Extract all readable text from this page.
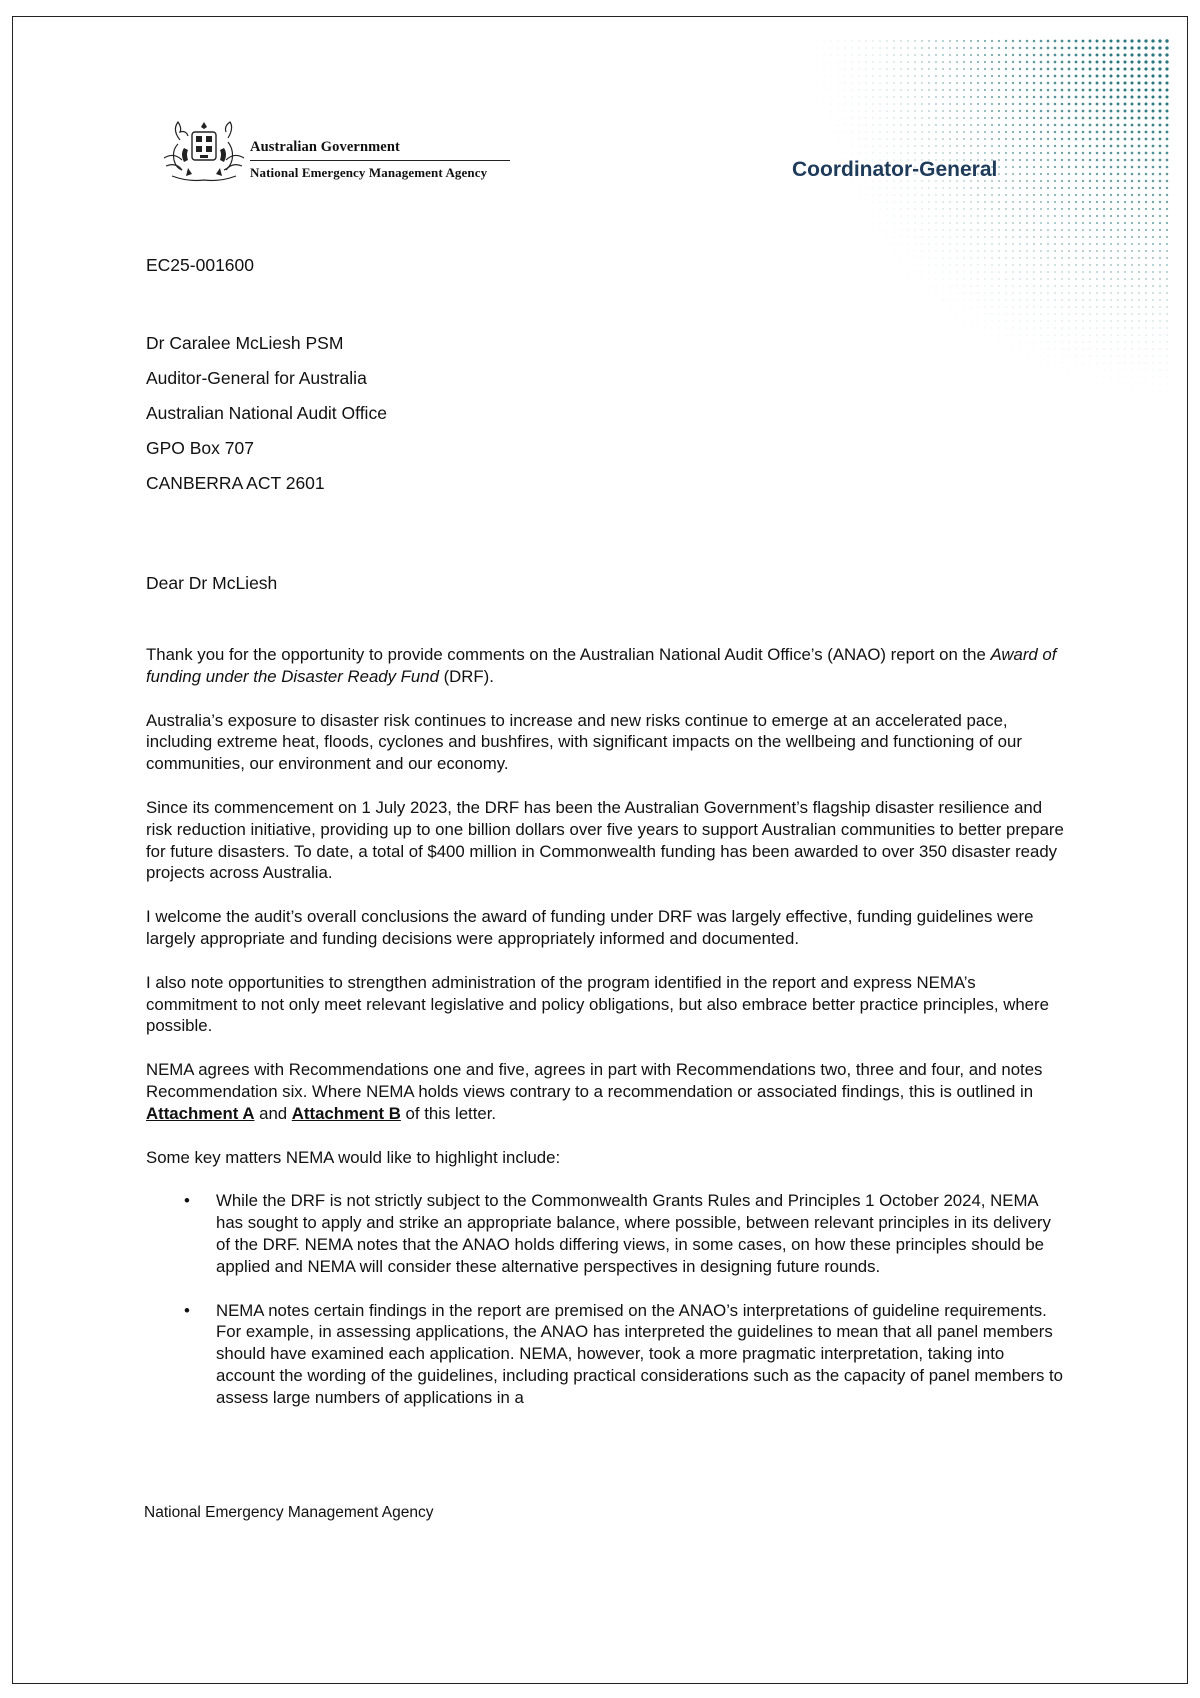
Australian Government
National Emergency Management Agency	Coordinator-General
EC25-001600
Dr Caralee McLiesh PSM
Auditor-General for Australia
Australian National Audit Office
GPO Box 707
CANBERRA ACT 2601
Dear Dr McLiesh

Thank you for the opportunity to provide comments on the Australian National Audit Office’s (ANAO) report on the Award of funding under the Disaster Ready Fund (DRF).

Australia’s exposure to disaster risk continues to increase and new risks continue to emerge at an accelerated pace, including extreme heat, floods, cyclones and bushfires, with significant impacts on the wellbeing and functioning of our communities, our environment and our economy.

Since its commencement on 1 July 2023, the DRF has been the Australian Government’s flagship disaster resilience and risk reduction initiative, providing up to one billion dollars over five years to support Australian communities to better prepare for future disasters. To date, a total of $400 million in Commonwealth funding has been awarded to over 350 disaster ready projects across Australia.

I welcome the audit’s overall conclusions the award of funding under DRF was largely effective, funding guidelines were largely appropriate and funding decisions were appropriately informed and documented.

I also note opportunities to strengthen administration of the program identified in the report and express NEMA’s commitment to not only meet relevant legislative and policy obligations, but also embrace better practice principles, where possible.

NEMA agrees with Recommendations one and five, agrees in part with Recommendations two, three and four, and notes Recommendation six. Where NEMA holds views contrary to a recommendation or associated findings, this is outlined in Attachment A and Attachment B of this letter.

Some key matters NEMA would like to highlight include:

• While the DRF is not strictly subject to the Commonwealth Grants Rules and Principles 1 October 2024, NEMA has sought to apply and strike an appropriate balance, where possible, between relevant principles in its delivery of the DRF. NEMA notes that the ANAO holds differing views, in some cases, on how these principles should be applied and NEMA will consider these alternative perspectives in designing future rounds.
• NEMA notes certain findings in the report are premised on the ANAO’s interpretations of guideline requirements. For example, in assessing applications, the ANAO has interpreted the guidelines to mean that all panel members should have examined each application. NEMA, however, took a more pragmatic interpretation, taking into account the wording of the guidelines, including practical considerations such as the capacity of panel members to assess large numbers of applications in a
National Emergency Management Agency
